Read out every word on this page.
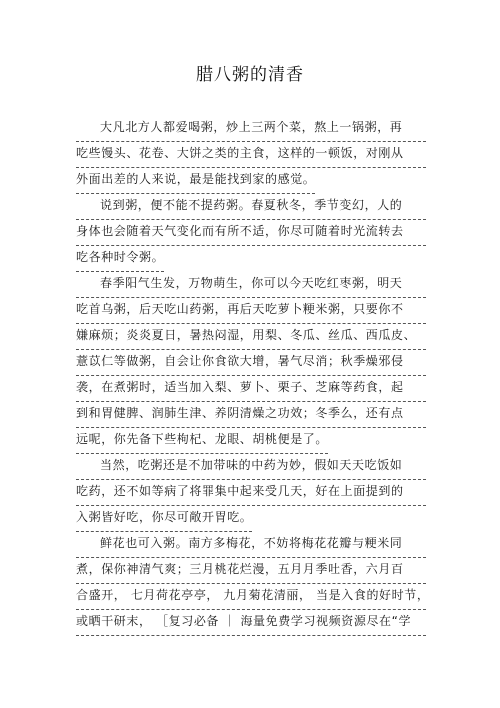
腊八粥的清香
大凡北方人都爱喝粥，炒上三两个菜，熬上一锅粥，再
吃些馒头、花卷、大饼之类的主食，这样的一顿饭，对刚从
外面出差的人来说，最是能找到家的感觉。
说到粥，便不能不提药粥。春夏秋冬，季节变幻，人的
身体也会随着天气变化而有所不适，你尽可随着时光流转去
吃各种时令粥。
春季阳气生发，万物萌生，你可以今天吃红枣粥，明天
吃首乌粥，后天吃山药粥，再后天吃萝卜粳米粥，只要你不
嫌麻烦；炎炎夏日，暑热闷湿，用梨、冬瓜、丝瓜、西瓜皮、
薏苡仁等做粥，自会让你食欲大增，暑气尽消；秋季燥邪侵
袭，在煮粥时，适当加入梨、萝卜、栗子、芝麻等药食，起
到和胃健脾、润肺生津、养阴清燥之功效；冬季么，还有点
远呢，你先备下些枸杞、龙眼、胡桃便是了。
当然，吃粥还是不加带味的中药为妙，假如天天吃饭如
吃药，还不如等病了将罪集中起来受几天，好在上面提到的
入粥皆好吃，你尽可敞开胃吃。
鲜花也可入粥。南方多梅花，不妨将梅花花瓣与粳米同
煮，保你神清气爽；三月桃花烂漫，五月月季吐香，六月百
合盛开， 七月荷花亭亭， 九月菊花清丽， 当是入食的好时节，
或晒干研末， ［复习必备 ｜ 海量免费学习视频资源尽在“学
